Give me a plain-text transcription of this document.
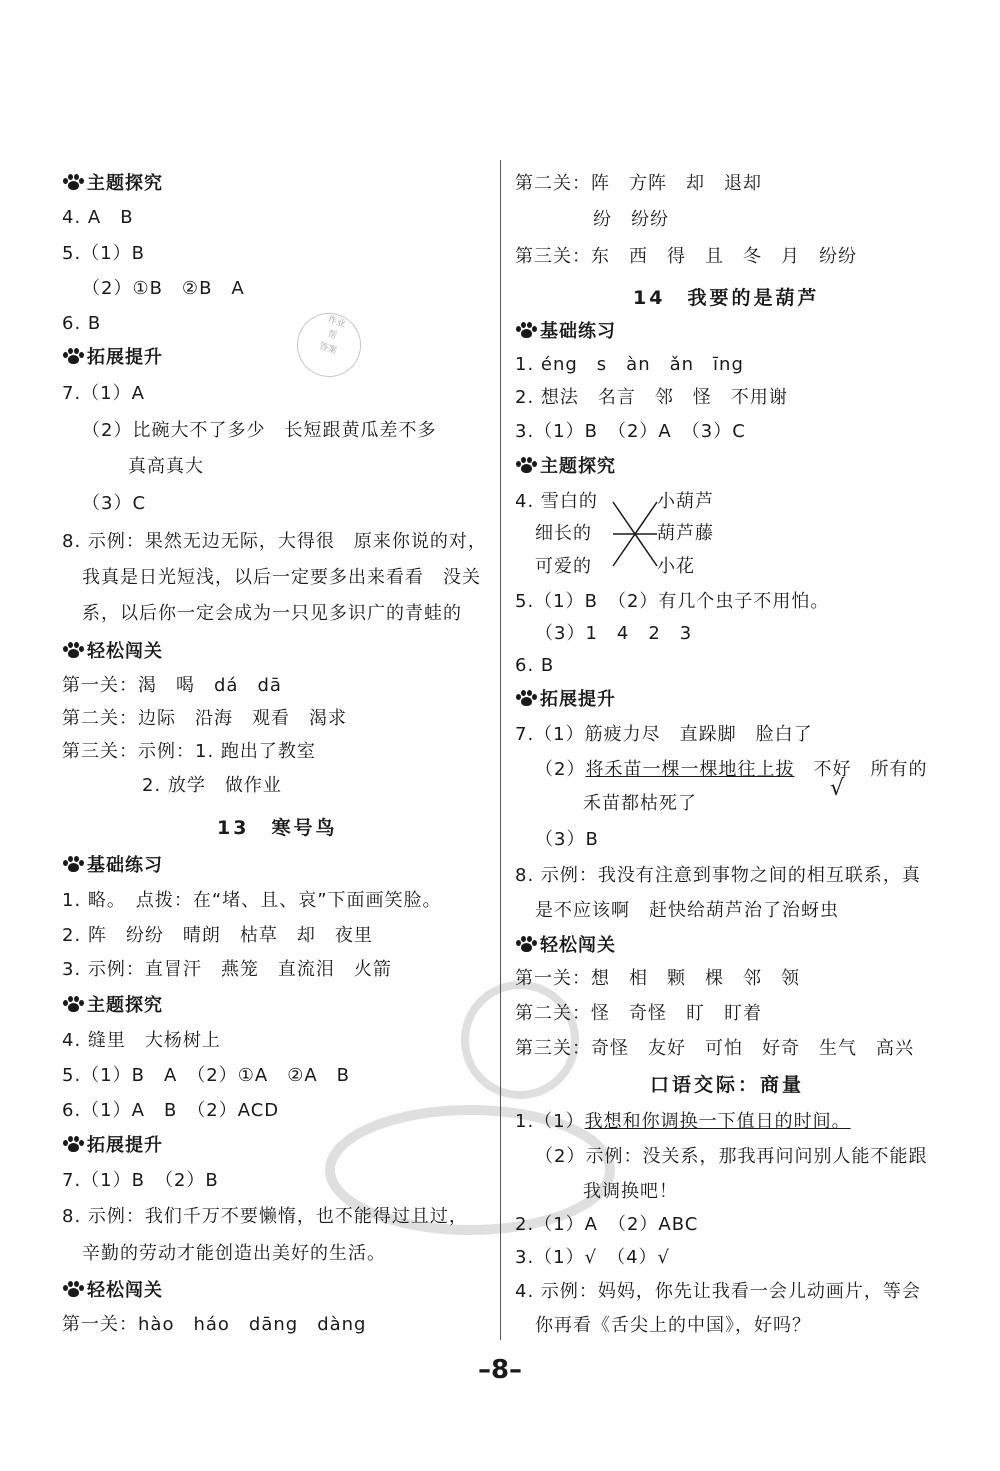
作业
帮
答案
主题探究
4. A　B
5.（1）B
（2）①B　②B　A
6. B
拓展提升
7.（1）A
（2）比碗大不了多少　长短跟黄瓜差不多
真高真大
（3）C
8. 示例：果然无边无际，大得很　原来你说的对，
我真是日光短浅，以后一定要多出来看看　没关
系，以后你一定会成为一只见多识广的青蛙的
轻松闯关
第一关：渴　喝　dá　dā
第二关：边际　沿海　观看　渴求
第三关：示例：1. 跑出了教室
2. 放学　做作业
13　寒号鸟
基础练习
1. 略。　点拨：在“堵、且、哀”下面画笑脸。
2. 阵　纷纷　晴朗　枯草　却　夜里
3. 示例：直冒汗　燕笼　直流泪　火箭
主题探究
4. 缝里　大杨树上
5.（1）B　A　（2）①A　②A　B
6.（1）A　B　（2）ACD
拓展提升
7.（1）B　（2）B
8. 示例：我们千万不要懒惰，也不能得过且过，
辛勤的劳动才能创造出美好的生活。
轻松闯关
第一关：hào　háo　dāng　dàng
第二关：阵　方阵　却　退却
纷　纷纷
第三关：东　西　得　且　冬　月　纷纷
14　我要的是葫芦
基础练习
1. éng　s　àn　ǎn　īng
2. 想法　名言　邻　怪　不用谢
3.（1）B　（2）A　（3）C
主题探究
4. 雪白的	小葫芦
细长的	葫芦藤
可爱的	小花
5.（1）B　（2）有几个虫子不用怕。
（3）1　4　2　3
6. B
拓展提升
7.（1）筋疲力尽　直跺脚　脸白了
（2）将禾苗一棵一棵地往上拔　不好　所有的
√
禾苗都枯死了
（3）B
8. 示例：我没有注意到事物之间的相互联系，真
是不应该啊　赶快给葫芦治了治蚜虫
轻松闯关
第一关：想　相　颗　棵　邻　领
第二关：怪　奇怪　盯　盯着
第三关：奇怪　友好　可怕　好奇　生气　高兴
口语交际：商量
1.（1）我想和你调换一下值日的时间。
（2）示例：没关系，那我再问问别人能不能跟
我调换吧！
2.（1）A　（2）ABC
3.（1）√　（4）√
4. 示例：妈妈，你先让我看一会儿动画片，等会
你再看《舌尖上的中国》，好吗？
–8–
